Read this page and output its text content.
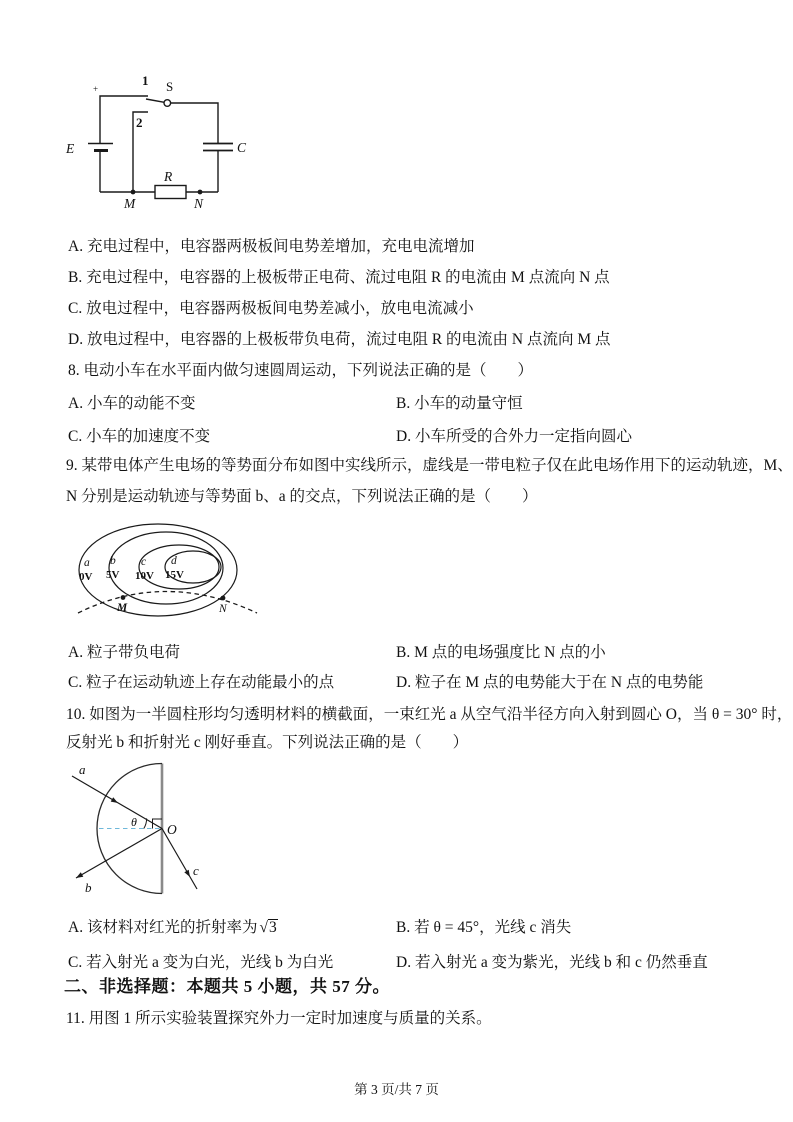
+
1
2
S
E	C
R
M	N
A. 充电过程中，电容器两极板间电势差增加，充电电流增加
B. 充电过程中，电容器的上极板带正电荷、流过电阻 R 的电流由 M 点流向 N 点
C. 放电过程中，电容器两极板间电势差减小，放电电流减小
D. 放电过程中，电容器的上极板带负电荷，流过电阻 R 的电流由 N 点流向 M 点
8. 电动小车在水平面内做匀速圆周运动，下列说法正确的是（　　）
A. 小车的动能不变	B. 小车的动量守恒
C. 小车的加速度不变	D. 小车所受的合外力一定指向圆心
9. 某带电体产生电场的等势面分布如图中实线所示，虚线是一带电粒子仅在此电场作用下的运动轨迹，M、
N 分别是运动轨迹与等势面 b、a 的交点，下列说法正确的是（　　）
a
0V
b
5V
c
10V
d
15V
M	N
A. 粒子带负电荷	B. M 点的电场强度比 N 点的小
C. 粒子在运动轨迹上存在动能最小的点	D. 粒子在 M 点的电势能大于在 N 点的电势能
10. 如图为一半圆柱形均匀透明材料的横截面，一束红光 a 从空气沿半径方向入射到圆心 O，当 θ = 30° 时，
反射光 b 和折射光 c 刚好垂直。下列说法正确的是（　　）
a
b
c
O
θ
A. 该材料对红光的折射率为 √3	B. 若 θ = 45°，光线 c 消失
C. 若入射光 a 变为白光，光线 b 为白光	D. 若入射光 a 变为紫光，光线 b 和 c 仍然垂直
二、非选择题：本题共 5 小题，共 57 分。
11. 用图 1 所示实验装置探究外力一定时加速度与质量的关系。
第 3 页/共 7 页
